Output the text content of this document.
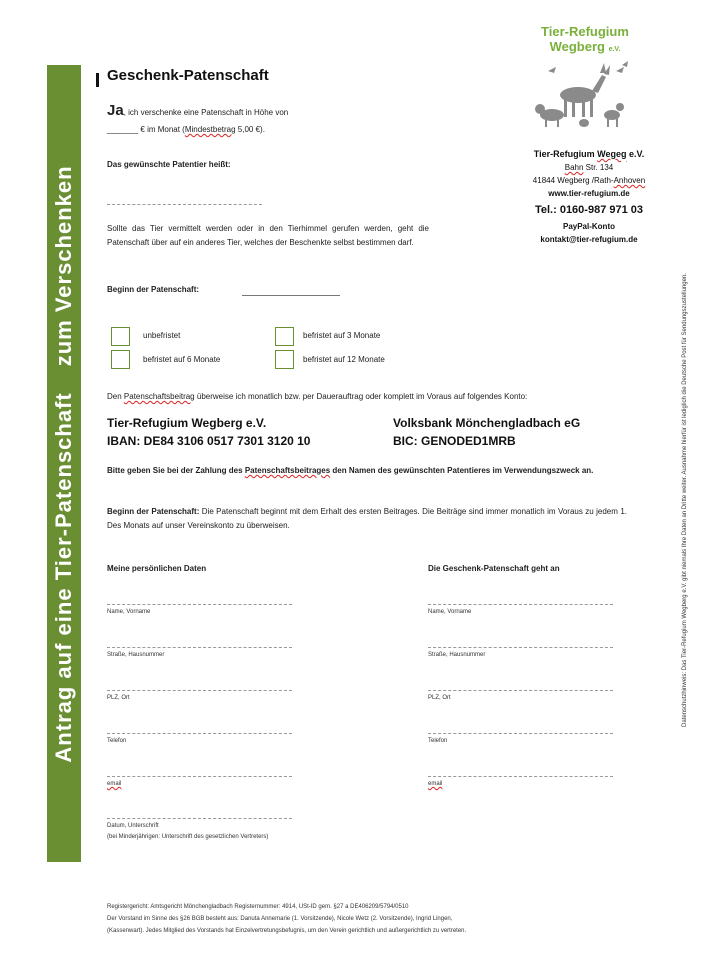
Antrag auf eine Tier-Patenschaftzum Verschenken
Geschenk-Patenschaft
Ja, ich verschenke eine Patenschaft in Höhe von
_______ € im Monat (Mindestbetrag 5,00 €).
Tier-Refugium
Wegberg e.V.
Tier-Refugium Wegeg e.V.
Bahn Str. 134
41844 Wegberg /Rath-Anhoven
www.tier-refugium.de
Tel.: 0160-987 971 03
PayPal-Konto
kontakt@tier-refugium.de
Das gewünschte Patentier heißt:
Sollte das Tier vermittelt werden oder in den Tierhimmel gerufen werden, geht die Patenschaft über auf ein anderes Tier, welches der Beschenkte selbst bestimmen darf.
Beginn der Patenschaft:
unbefristet	befristet auf 3 Monate
befristet auf 6 Monate	befristet auf 12 Monate
Den Patenschaftsbeitrag überweise ich monatlich bzw. per Dauerauftrag oder komplett im Voraus auf folgendes Konto:
Tier-Refugium Wegberg e.V.
IBAN: DE84 3106 0517 7301 3120 10
Volksbank Mönchengladbach eG
BIC: GENODED1MRB
Bitte geben Sie bei der Zahlung des Patenschaftsbeitrages den Namen des gewünschten Patentieres im Verwendungszweck an.
Beginn der Patenschaft: Die Patenschaft beginnt mit dem Erhalt des ersten Beitrages. Die Beiträge sind immer monatlich im Voraus zu jedem 1. Des Monats auf unser Vereinskonto zu überweisen.
Meine persönlichen Daten
Name, Vorname
Straße, Hausnummer
PLZ, Ort
Telefon
email
Datum, Unterschrift
(bei Minderjährigen: Unterschrift des gesetzlichen Vertreters)
Die Geschenk-Patenschaft geht an
Name, Vorname
Straße, Hausnummer
PLZ, Ort
Telefon
email
Datenschutzhinweis: Das Tier-Refugium Wegberg e.V. gibt niemals Ihre Daten an Dritte weiter. Ausnahme hierfür ist lediglich die Deutsche Post für Sendungszustellungen.
Registergericht: Amtsgericht Mönchengladbach Registernummer: 4914, USt-ID gem. §27 a DE406209/5794/0510
Der Vorstand im Sinne des §26 BGB besteht aus: Danuta Annemarie (1. Vorsitzende), Nicole Wetz (2. Vorsitzende), Ingrid Lingen,
(Kassenwart). Jedes Mitglied des Vorstands hat Einzelvertretungsbefugnis, um den Verein gerichtlich und außergerichtlich zu vertreten.
